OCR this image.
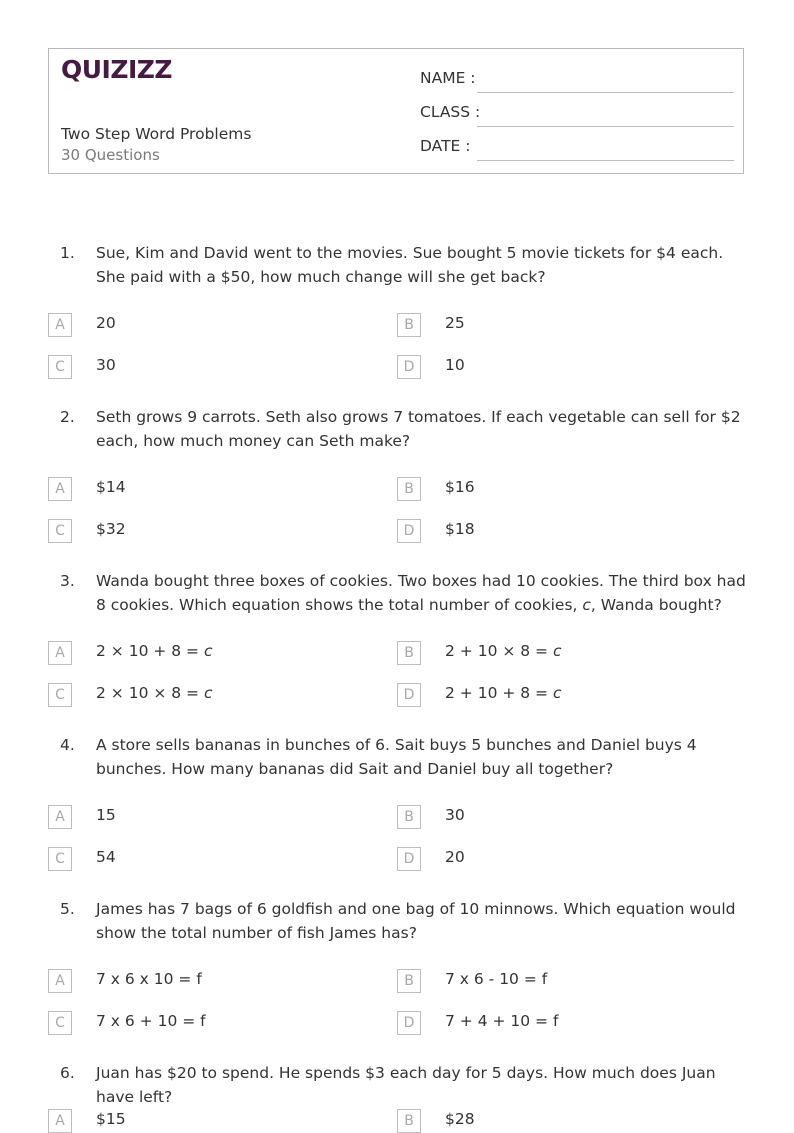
QUIZIZZ
Two Step Word Problems
30 Questions
NAME :
CLASS :
DATE :
1. Sue, Kim and David went to the movies. Sue bought 5 movie tickets for $4 each. She paid with a $50, how much change will she get back?
A	20	B	25
C	30	D	10
2. Seth grows 9 carrots. Seth also grows 7 tomatoes. If each vegetable can sell for $2 each, how much money can Seth make?
A	$14	B	$16
C	$32	D	$18
3. Wanda bought three boxes of cookies. Two boxes had 10 cookies. The third box had 8 cookies. Which equation shows the total number of cookies, c, Wanda bought?
A	2 × 10 + 8 = c	B	2 + 10 × 8 = c
C	2 × 10 × 8 = c	D	2 + 10 + 8 = c
4. A store sells bananas in bunches of 6. Sait buys 5 bunches and Daniel buys 4 bunches. How many bananas did Sait and Daniel buy all together?
A	15	B	30
C	54	D	20
5. James has 7 bags of 6 goldfish and one bag of 10 minnows. Which equation would show the total number of fish James has?
A	7 x 6 x 10 = f	B	7 x 6 - 10 = f
C	7 x 6 + 10 = f	D	7 + 4 + 10 = f
6. Juan has $20 to spend. He spends $3 each day for 5 days. How much does Juan have left?
A	$15	B	$28
